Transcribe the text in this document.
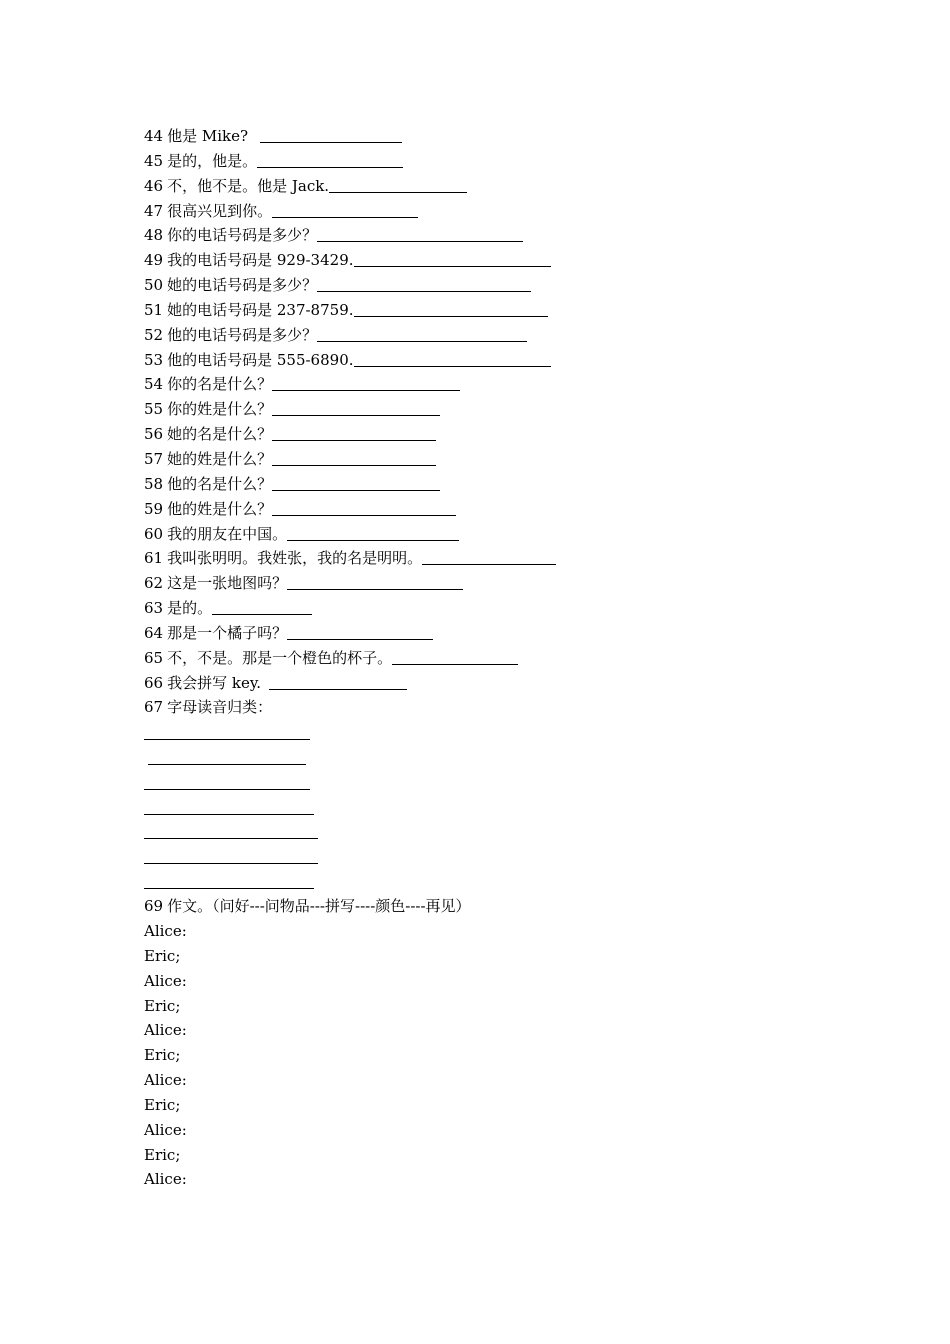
44 他是 Mike?
45 是的，他是。
46 不，他不是。他是 Jack.
47 很高兴见到你。
48 你的电话号码是多少？
49 我的电话号码是 929-3429.
50 她的电话号码是多少？
51 她的电话号码是 237-8759.
52 他的电话号码是多少？
53 他的电话号码是 555-6890.
54 你的名是什么？
55 你的姓是什么？
56 她的名是什么？
57 她的姓是什么？
58 他的名是什么？
59 他的姓是什么？
60 我的朋友在中国。
61 我叫张明明。我姓张，我的名是明明。
62 这是一张地图吗？
63 是的。
64 那是一个橘子吗？
65 不，不是。那是一个橙色的杯子。
66 我会拼写 key.
67 字母读音归类：
69 作文。（问好---问物品---拼写----颜色----再见）
Alice:
Eric;
Alice:
Eric;
Alice:
Eric;
Alice:
Eric;
Alice:
Eric;
Alice:
